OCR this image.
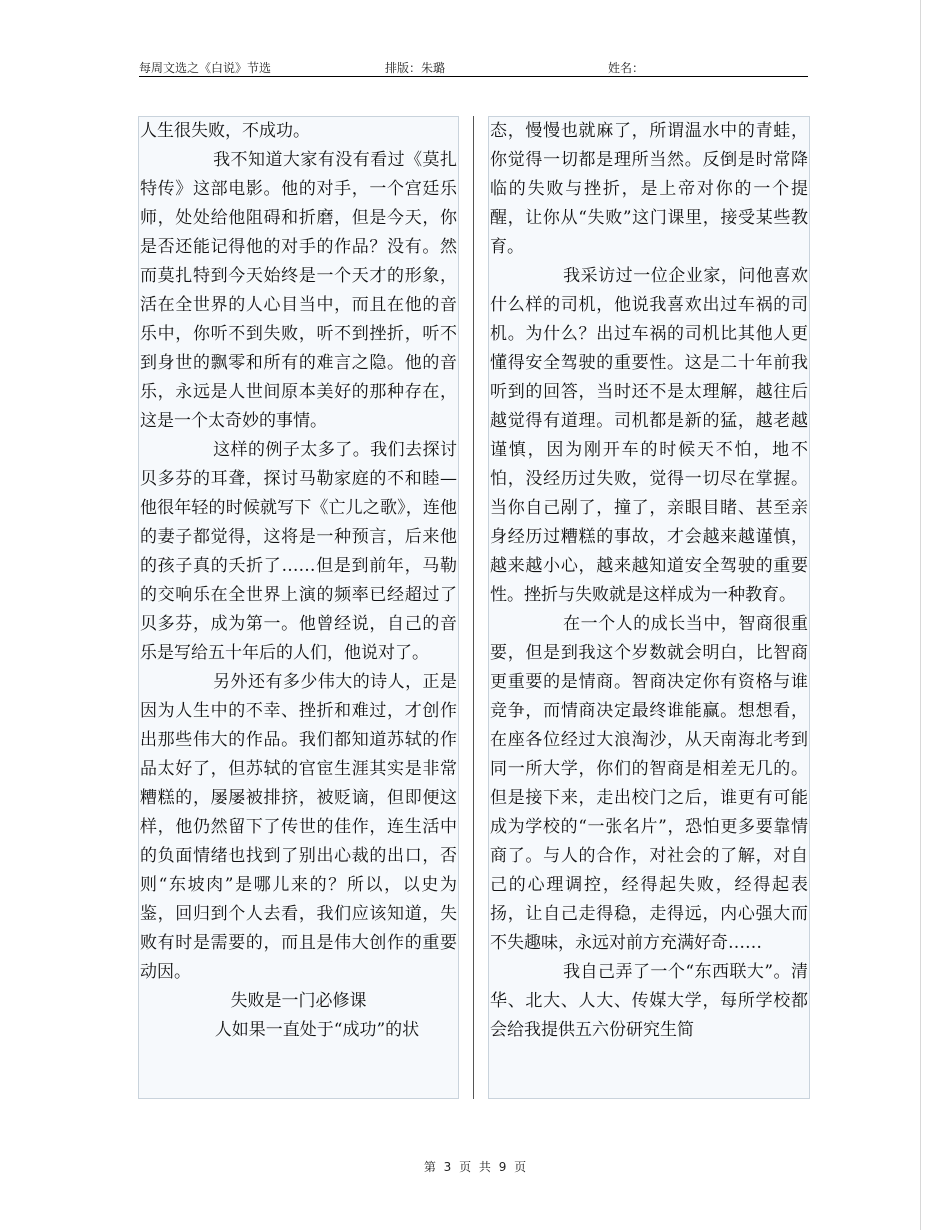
每周文选之《白说》节选	排版：朱璐	姓名：

人生很失败，不成功。

我不知道大家有没有看过《莫扎特传》这部电影。他的对手，一个宫廷乐师，处处给他阻碍和折磨，但是今天，你是否还能记得他的对手的作品？没有。然而莫扎特到今天始终是一个天才的形象，活在全世界的人心目当中，而且在他的音乐中，你听不到失败，听不到挫折，听不到身世的飘零和所有的难言之隐。他的音乐，永远是人世间原本美好的那种存在，这是一个太奇妙的事情。

这样的例子太多了。我们去探讨贝多芬的耳聋，探讨马勒家庭的不和睦—他很年轻的时候就写下《亡儿之歌》，连他的妻子都觉得，这将是一种预言，后来他的孩子真的夭折了……但是到前年，马勒的交响乐在全世界上演的频率已经超过了贝多芬，成为第一。他曾经说，自己的音乐是写给五十年后的人们，他说对了。

另外还有多少伟大的诗人，正是因为人生中的不幸、挫折和难过，才创作出那些伟大的作品。我们都知道苏轼的作品太好了，但苏轼的官宦生涯其实是非常糟糕的，屡屡被排挤，被贬谪，但即便这样，他仍然留下了传世的佳作，连生活中的负面情绪也找到了别出心裁的出口，否则“东坡肉”是哪儿来的？所以，以史为鉴，回归到个人去看，我们应该知道，失败有时是需要的，而且是伟大创作的重要动因。

失败是一门必修课

人如果一直处于“成功”的状

态，慢慢也就麻了，所谓温水中的青蛙，你觉得一切都是理所当然。反倒是时常降临的失败与挫折，是上帝对你的一个提醒，让你从“失败”这门课里，接受某些教育。

我采访过一位企业家，问他喜欢什么样的司机，他说我喜欢出过车祸的司机。为什么？出过车祸的司机比其他人更懂得安全驾驶的重要性。这是二十年前我听到的回答，当时还不是太理解，越往后越觉得有道理。司机都是新的猛，越老越谨慎，因为刚开车的时候天不怕，地不怕，没经历过失败，觉得一切尽在掌握。当你自己剐了，撞了，亲眼目睹、甚至亲身经历过糟糕的事故，才会越来越谨慎，越来越小心，越来越知道安全驾驶的重要性。挫折与失败就是这样成为一种教育。

在一个人的成长当中，智商很重要，但是到我这个岁数就会明白，比智商更重要的是情商。智商决定你有资格与谁竞争，而情商决定最终谁能赢。想想看，在座各位经过大浪淘沙，从天南海北考到同一所大学，你们的智商是相差无几的。但是接下来，走出校门之后，谁更有可能成为学校的“一张名片”，恐怕更多要靠情商了。与人的合作，对社会的了解，对自己的心理调控，经得起失败，经得起表扬，让自己走得稳，走得远，内心强大而不失趣味，永远对前方充满好奇……

我自己弄了一个“东西联大”。清华、北大、人大、传媒大学，每所学校都会给我提供五六份研究生简

第 3 页 共 9 页
